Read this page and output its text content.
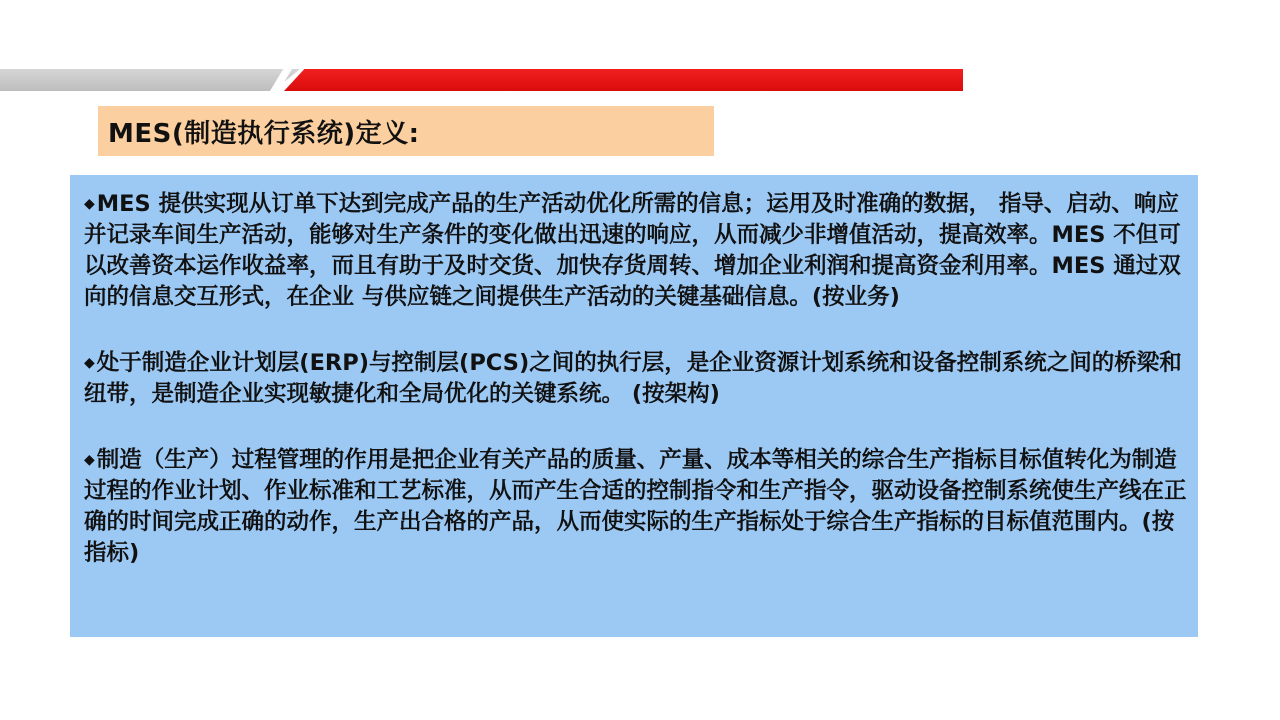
MES(制造执行系统)定义:

◆MES 提供实现从订单下达到完成产品的生产活动优化所需的信息；运用及时准确的数据， 指导、启动、响应并记录车间生产活动，能够对生产条件的变化做出迅速的响应，从而减少非增值活动，提高效率。MES 不但可以改善资本运作收益率，而且有助于及时交货、加快存货周转、增加企业利润和提高资金利用率。MES 通过双向的信息交互形式，在企业 与供应链之间提供生产活动的关键基础信息。(按业务)

◆处于制造企业计划层(ERP)与控制层(PCS)之间的执行层，是企业资源计划系统和设备控制系统之间的桥梁和纽带，是制造企业实现敏捷化和全局优化的关键系统。 (按架构)

◆制造（生产）过程管理的作用是把企业有关产品的质量、产量、成本等相关的综合生产指标目标值转化为制造过程的作业计划、作业标准和工艺标准，从而产生合适的控制指令和生产指令，驱动设备控制系统使生产线在正确的时间完成正确的动作，生产出合格的产品，从而使实际的生产指标处于综合生产指标的目标值范围内。(按指标)
